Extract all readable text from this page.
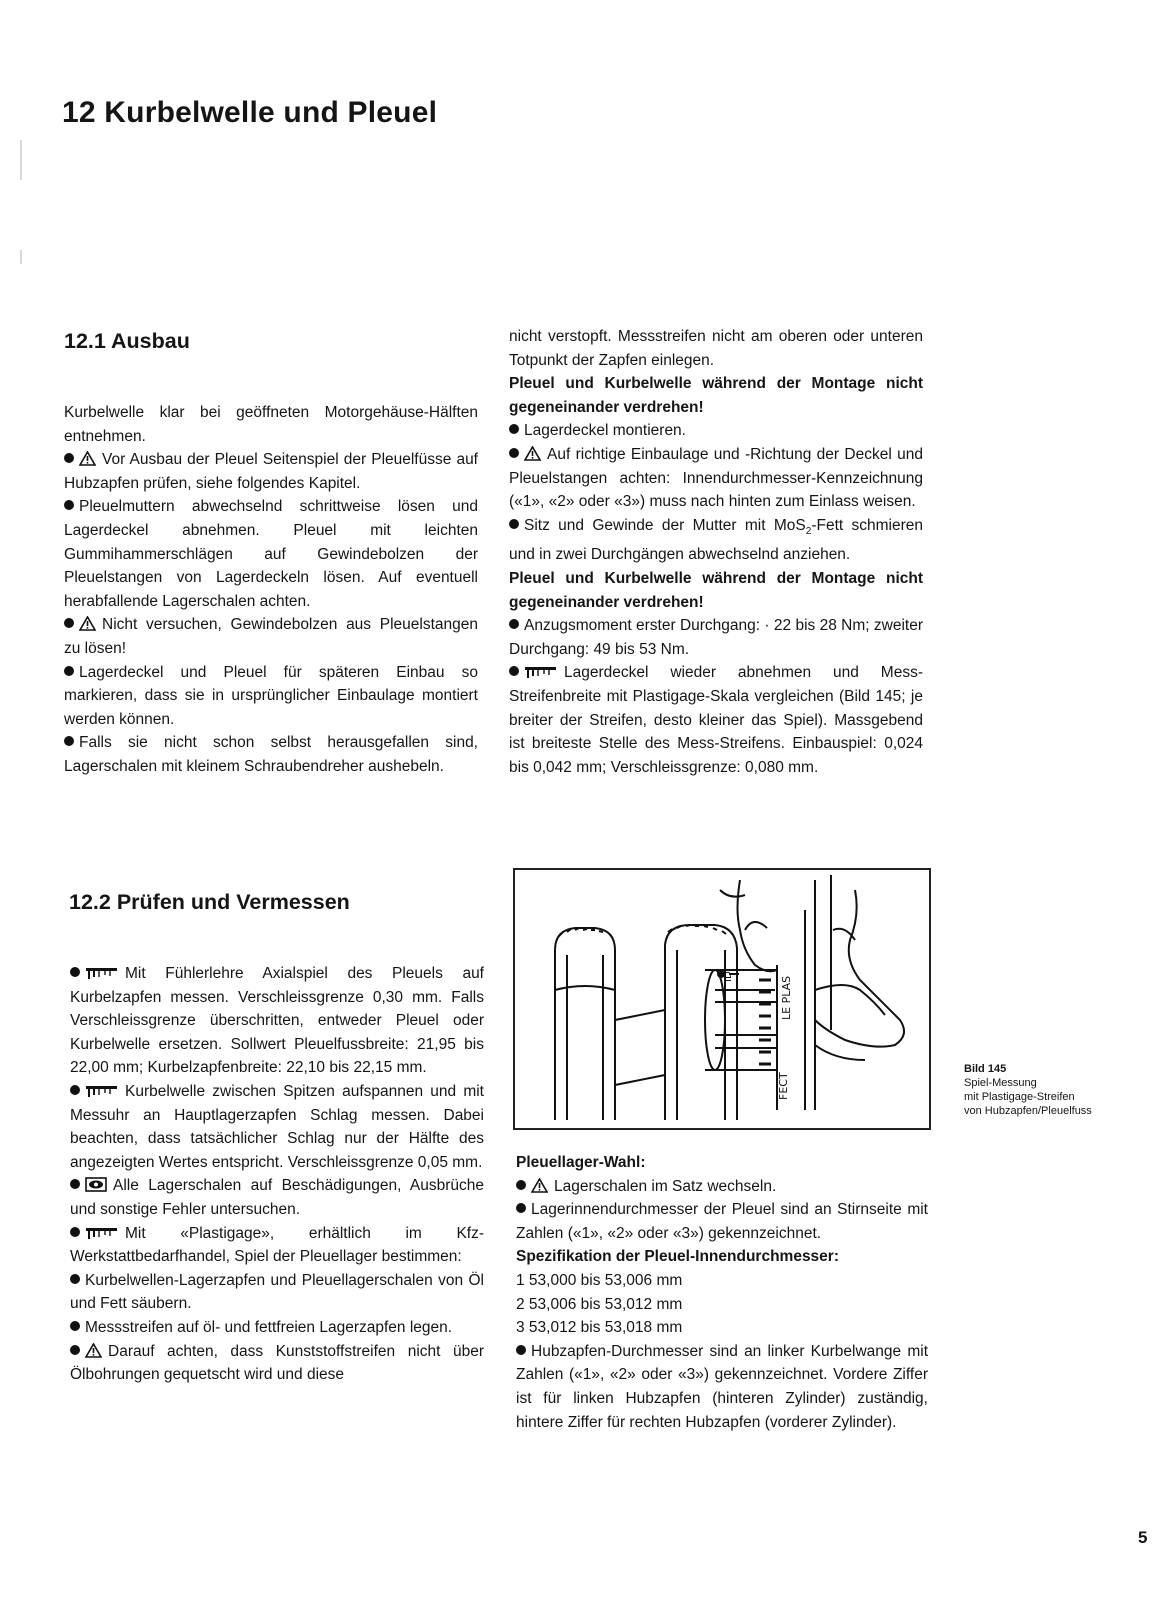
12 Kurbelwelle und Pleuel
12.1 Ausbau

Kurbelwelle klar bei geöffneten Motorgehäuse-Hälften entnehmen.

Vor Ausbau der Pleuel Seitenspiel der Pleuelfüsse auf Hubzapfen prüfen, siehe folgendes Kapitel.

Pleuelmuttern abwechselnd schrittweise lösen und Lagerdeckel abnehmen. Pleuel mit leichten Gummihammerschlägen auf Gewindebolzen der Pleuelstangen von Lagerdeckeln lösen. Auf eventuell herabfallende Lagerschalen achten.

Nicht versuchen, Gewindebolzen aus Pleuelstangen zu lösen!

Lagerdeckel und Pleuel für späteren Einbau so markieren, dass sie in ursprünglicher Einbaulage montiert werden können.

Falls sie nicht schon selbst herausgefallen sind, Lagerschalen mit kleinem Schraubendreher aushebeln.

12.2 Prüfen und Vermessen

Mit Fühlerlehre Axialspiel des Pleuels auf Kurbelzapfen messen. Verschleissgrenze 0,30 mm. Falls Verschleissgrenze überschritten, entweder Pleuel oder Kurbelwelle ersetzen. Sollwert Pleuelfussbreite: 21,95 bis 22,00 mm; Kurbelzapfenbreite: 22,10 bis 22,15 mm.

Kurbelwelle zwischen Spitzen aufspannen und mit Messuhr an Hauptlagerzapfen Schlag messen. Dabei beachten, dass tatsächlicher Schlag nur der Hälfte des angezeigten Wertes entspricht. Verschleissgrenze 0,05 mm.

Alle Lagerschalen auf Beschädigungen, Ausbrüche und sonstige Fehler untersuchen.

Mit «Plastigage», erhältlich im Kfz-Werkstattbedarfhandel, Spiel der Pleuellager bestimmen:

Kurbelwellen-Lagerzapfen und Pleuellagerschalen von Öl und Fett säubern.

Messstreifen auf öl- und fettfreien Lagerzapfen legen.

Darauf achten, dass Kunststoffstreifen nicht über Ölbohrungen gequetscht wird und diese

nicht verstopft. Messstreifen nicht am oberen oder unteren Totpunkt der Zapfen einlegen.

Pleuel und Kurbelwelle während der Montage nicht gegeneinander verdrehen!

Lagerdeckel montieren.

Auf richtige Einbaulage und -Richtung der Deckel und Pleuelstangen achten: Innendurchmesser-Kennzeichnung («1», «2» oder «3») muss nach hinten zum Einlass weisen.

Sitz und Gewinde der Mutter mit MoS$_2$-Fett schmieren und in zwei Durchgängen abwechselnd anziehen.

Pleuel und Kurbelwelle während der Montage nicht gegeneinander verdrehen!

Anzugsmoment erster Durchgang: · 22 bis 28 Nm; zweiter Durchgang: 49 bis 53 Nm.

Lagerdeckel wieder abnehmen und Mess-Streifenbreite mit Plastigage-Skala vergleichen (Bild 145; je breiter der Streifen, desto kleiner das Spiel). Massgebend ist breiteste Stelle des Mess-Streifens. Einbauspiel: 0,024 bis 0,042 mm; Verschleissgrenze: 0,080 mm.

LE PLAS
FECT
ID
Bild 145
Spiel-Messung
mit Plastigage-Streifen
von Hubzapfen/Pleuelfuss

Pleuellager-Wahl:

Lagerschalen im Satz wechseln.

Lagerinnendurchmesser der Pleuel sind an Stirnseite mit Zahlen («1», «2» oder «3») gekennzeichnet.

Spezifikation der Pleuel-Innendurchmesser:

1 53,000 bis 53,006 mm
2 53,006 bis 53,012 mm
3 53,012 bis 53,018 mm

Hubzapfen-Durchmesser sind an linker Kurbelwange mit Zahlen («1», «2» oder «3») gekennzeichnet. Vordere Ziffer ist für linken Hubzapfen (hinteren Zylinder) zuständig, hintere Ziffer für rechten Hubzapfen (vorderer Zylinder).

5
